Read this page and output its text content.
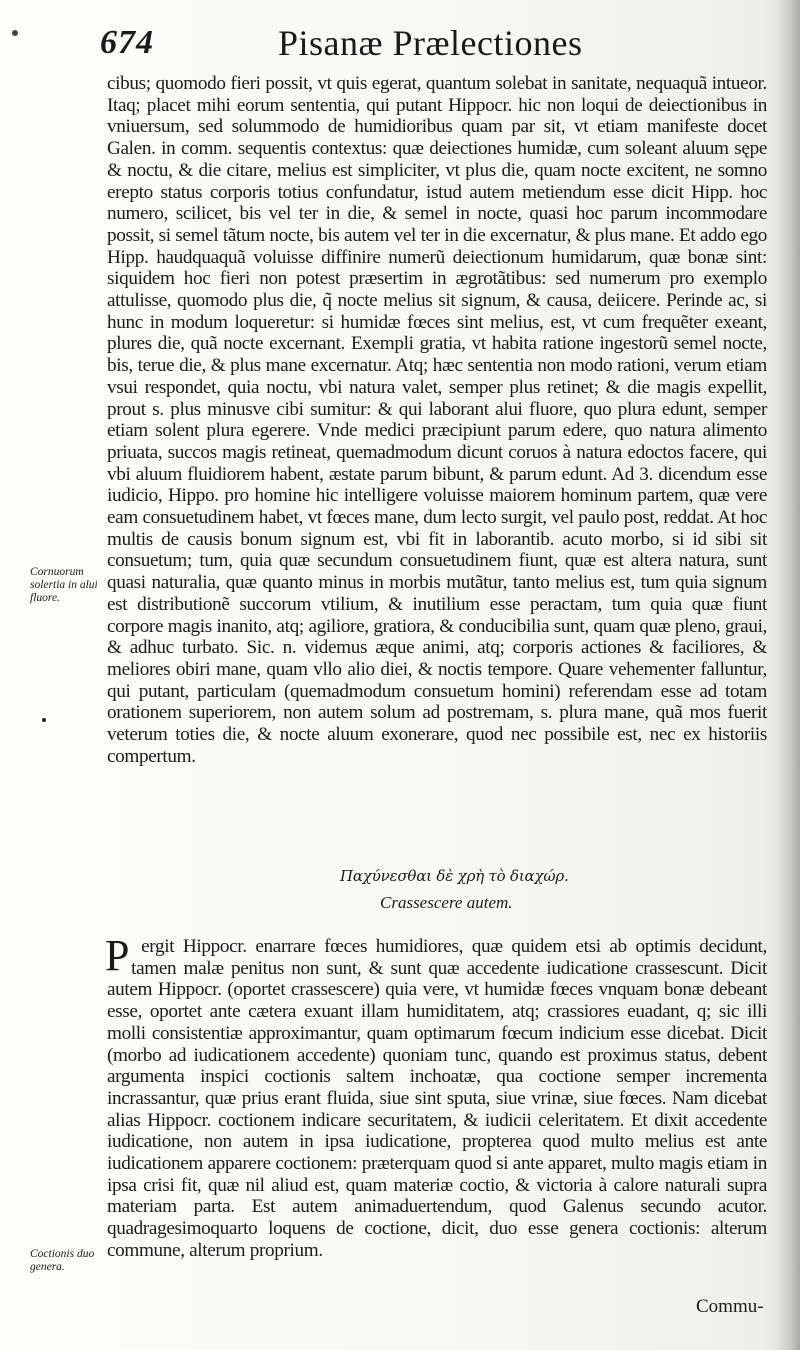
674	Pisanæ Prælectiones

cibus; quomodo fieri possit, vt quis egerat, quantum solebat in sanitate, nequaquã intueor. Itaq; placet mihi eorum sententia, qui putant Hippocr. hic non loqui de deiectionibus in vniuersum, sed solummodo de humidioribus quam par sit, vt etiam manifeste docet Galen. in comm. sequentis contextus: quæ deiectiones humidæ, cum soleant aluum sępe & noctu, & die citare, melius est simpliciter, vt plus die, quam nocte excitent, ne somno erepto status corporis totius confundatur, istud autem metiendum esse dicit Hipp. hoc numero, scilicet, bis vel ter in die, & semel in nocte, quasi hoc parum incommodare possit, si semel tãtum nocte, bis autem vel ter in die excernatur, & plus mane. Et addo ego Hipp. haudquaquã voluisse diffinire numerũ deiectionum humidarum, quæ bonæ sint: siquidem hoc fieri non potest præsertim in ægrotãtibus: sed numerum pro exemplo attulisse, quomodo plus die, q̃ nocte melius sit signum, & causa, deiicere. Perinde ac, si hunc in modum loqueretur: si humidæ fœces sint melius, est, vt cum frequẽter exeant, plures die, quã nocte excernant. Exempli gratia, vt habita ratione ingestorũ semel nocte, bis, terue die, & plus mane excernatur. Atq; hæc sententia non modo rationi, verum etiam vsui respondet, quia noctu, vbi natura valet, semper plus retinet; & die magis expellit, prout s. plus minusve cibi sumitur: & qui laborant alui fluore, quo plura edunt, semper etiam solent plura egerere. Vnde medici præcipiunt parum edere, quo natura alimento priuata, succos magis retineat, quemadmodum dicunt coruos à natura edoctos facere, qui vbi aluum fluidiorem habent, æstate parum bibunt, & parum edunt. Ad 3. dicendum esse iudicio, Hippo. pro homine hic intelligere voluisse maiorem hominum partem, quæ vere eam consuetudinem habet, vt fœces mane, dum lecto surgit, vel paulo post, reddat. At hoc multis de causis bonum signum est, vbi fit in laborantib. acuto morbo, si id sibi sit consuetum; tum, quia quæ secundum consuetudinem fiunt, quæ est altera natura, sunt quasi naturalia, quæ quanto minus in morbis mutãtur, tanto melius est, tum quia signum est distributionẽ succorum vtilium, & inutilium esse peractam, tum quia quæ fiunt corpore magis inanito, atq; agiliore, gratiora, & conducibilia sunt, quam quæ pleno, graui, & adhuc turbato. Sic. n. videmus æque animi, atq; corporis actiones & faciliores, & meliores obiri mane, quam vllo alio diei, & noctis tempore. Quare vehementer falluntur, qui putant, particulam (quemadmodum consuetum homini) referendam esse ad totam orationem superiorem, non autem solum ad postremam, s. plura mane, quã mos fuerit veterum toties die, & nocte aluum exonerare, quod nec possibile est, nec ex historiis compertum.

Cornuorum solertia in alui fluore.
Παχύνεσθαι δὲ χρὴ τὸ διαχώρ.
Crassescere autem.

Pergit Hippocr. enarrare fœces humidiores, quæ quidem etsi ab optimis decidunt, tamen malæ penitus non sunt, & sunt quæ accedente iudicatione crassescunt. Dicit autem Hippocr. (oportet crassescere) quia vere, vt humidæ fœces vnquam bonæ debeant esse, oportet ante cætera exuant illam humiditatem, atq; crassiores euadant, q; sic illi molli consistentiæ approximantur, quam optimarum fœcum indicium esse dicebat. Dicit (morbo ad iudicationem accedente) quoniam tunc, quando est proximus status, debent argumenta inspici coctionis saltem inchoatæ, qua coctione semper incrementa incrassantur, quæ prius erant fluida, siue sint sputa, siue vrinæ, siue fœces. Nam dicebat alias Hippocr. coctionem indicare securitatem, & iudicii celeritatem. Et dixit accedente iudicatione, non autem in ipsa iudicatione, propterea quod multo melius est ante iudicationem apparere coctionem: præterquam quod si ante apparet, multo magis etiam in ipsa crisi fit, quæ nil aliud est, quam materiæ coctio, & victoria à calore naturali supra materiam parta. Est autem animaduertendum, quod Galenus secundo acutor. quadragesimoquarto loquens de coctione, dicit, duo esse genera coctionis: alterum commune, alterum proprium.

Coctionis duo genera.
Commu-
